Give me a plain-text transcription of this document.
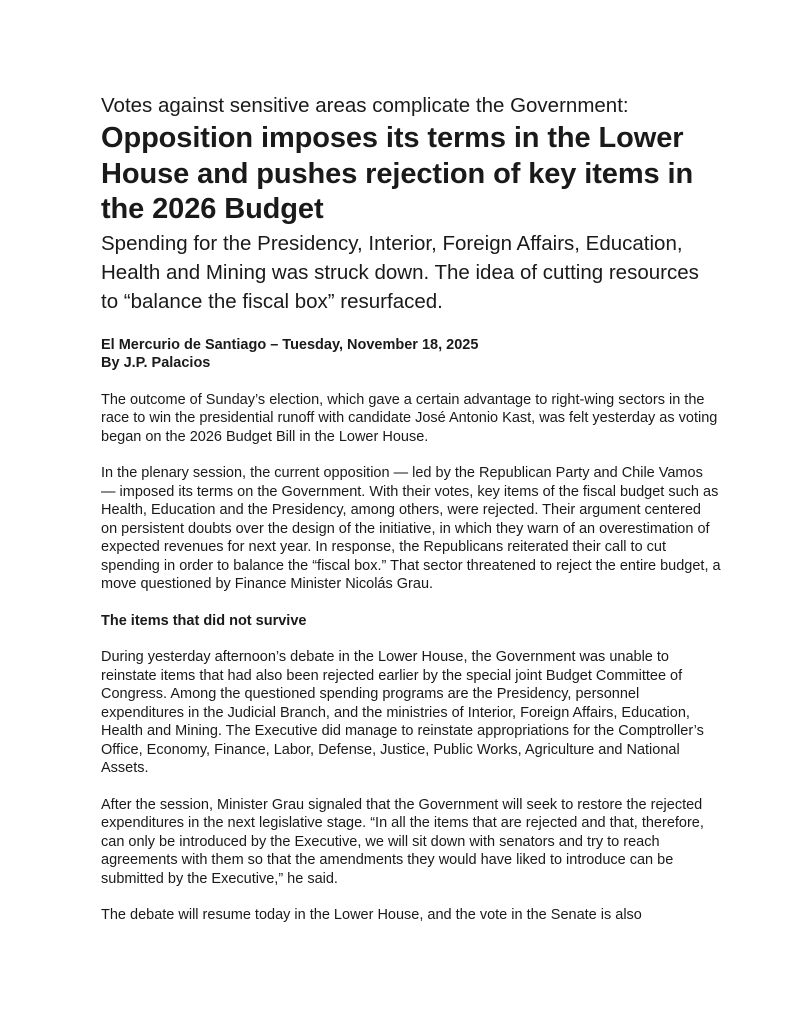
Votes against sensitive areas complicate the Government:

Opposition imposes its terms in the Lower House and pushes rejection of key items in the 2026 Budget

Spending for the Presidency, Interior, Foreign Affairs, Education, Health and Mining was struck down. The idea of cutting resources to “balance the fiscal box” resurfaced.

El Mercurio de Santiago – Tuesday, November 18, 2025
By J.P. Palacios

The outcome of Sunday’s election, which gave a certain advantage to right-wing sectors in the race to win the presidential runoff with candidate José Antonio Kast, was felt yesterday as voting began on the 2026 Budget Bill in the Lower House.

In the plenary session, the current opposition — led by the Republican Party and Chile Vamos — imposed its terms on the Government. With their votes, key items of the fiscal budget such as Health, Education and the Presidency, among others, were rejected. Their argument centered on persistent doubts over the design of the initiative, in which they warn of an overestimation of expected revenues for next year. In response, the Republicans reiterated their call to cut spending in order to balance the “fiscal box.” That sector threatened to reject the entire budget, a move questioned by Finance Minister Nicolás Grau.

The items that did not survive

During yesterday afternoon’s debate in the Lower House, the Government was unable to reinstate items that had also been rejected earlier by the special joint Budget Committee of Congress. Among the questioned spending programs are the Presidency, personnel expenditures in the Judicial Branch, and the ministries of Interior, Foreign Affairs, Education, Health and Mining. The Executive did manage to reinstate appropriations for the Comptroller’s Office, Economy, Finance, Labor, Defense, Justice, Public Works, Agriculture and National Assets.

After the session, Minister Grau signaled that the Government will seek to restore the rejected expenditures in the next legislative stage. “In all the items that are rejected and that, therefore, can only be introduced by the Executive, we will sit down with senators and try to reach agreements with them so that the amendments they would have liked to introduce can be submitted by the Executive,” he said.

The debate will resume today in the Lower House, and the vote in the Senate is also
